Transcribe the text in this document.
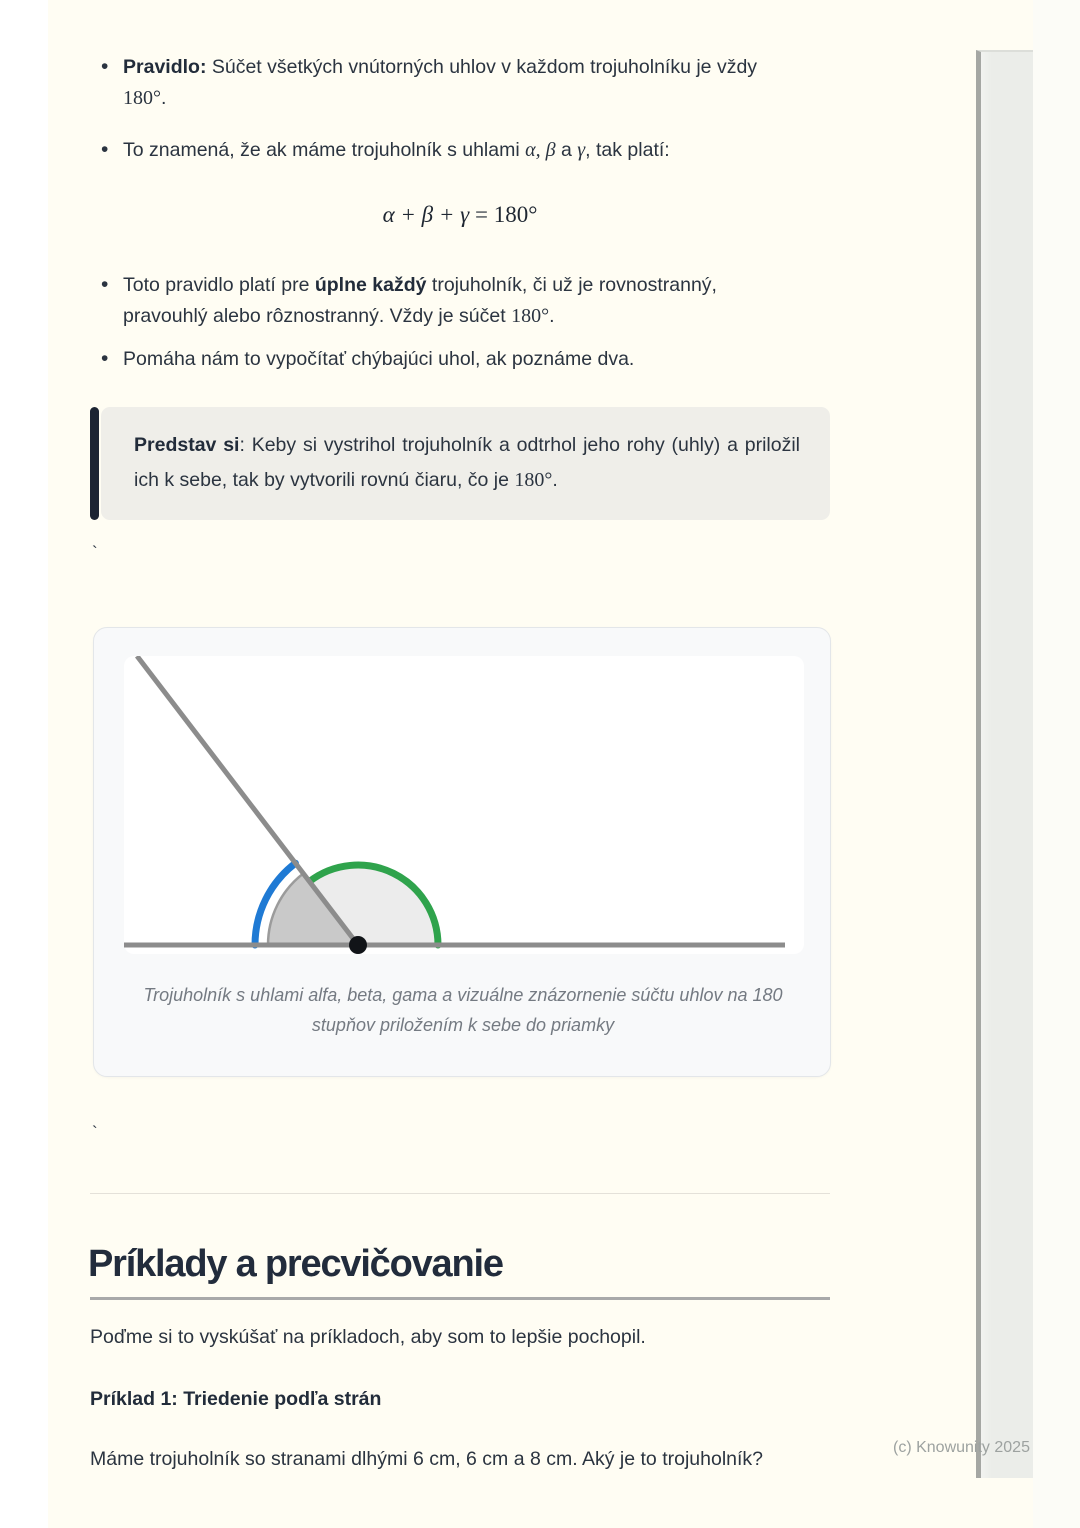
• Pravidlo: Súčet všetkých vnútorných uhlov v každom trojuholníku je vždy 180°.
• To znamená, že ak máme trojuholník s uhlami α, β a γ, tak platí:
α + β + γ = 180°
• Toto pravidlo platí pre úplne každý trojuholník, či už je rovnostranný, pravouhlý alebo rôznostranný. Vždy je súčet 180°.
• Pomáha nám to vypočítať chýbajúci uhol, ak poznáme dva.
Predstav si: Keby si vystrihol trojuholník a odtrhol jeho rohy (uhly) a priložil ich k sebe, tak by vytvorili rovnú čiaru, čo je 180°.
`
Trojuholník s uhlami alfa, beta, gama a vizuálne znázornenie súčtu uhlov na 180 stupňov priložením k sebe do priamky
`
Príklady a precvičovanie
Poďme si to vyskúšať na príkladoch, aby som to lepšie pochopil.
Príklad 1: Triedenie podľa strán
Máme trojuholník so stranami dlhými 6 cm, 6 cm a 8 cm. Aký je to trojuholník?
(c) Knowunity 2025
